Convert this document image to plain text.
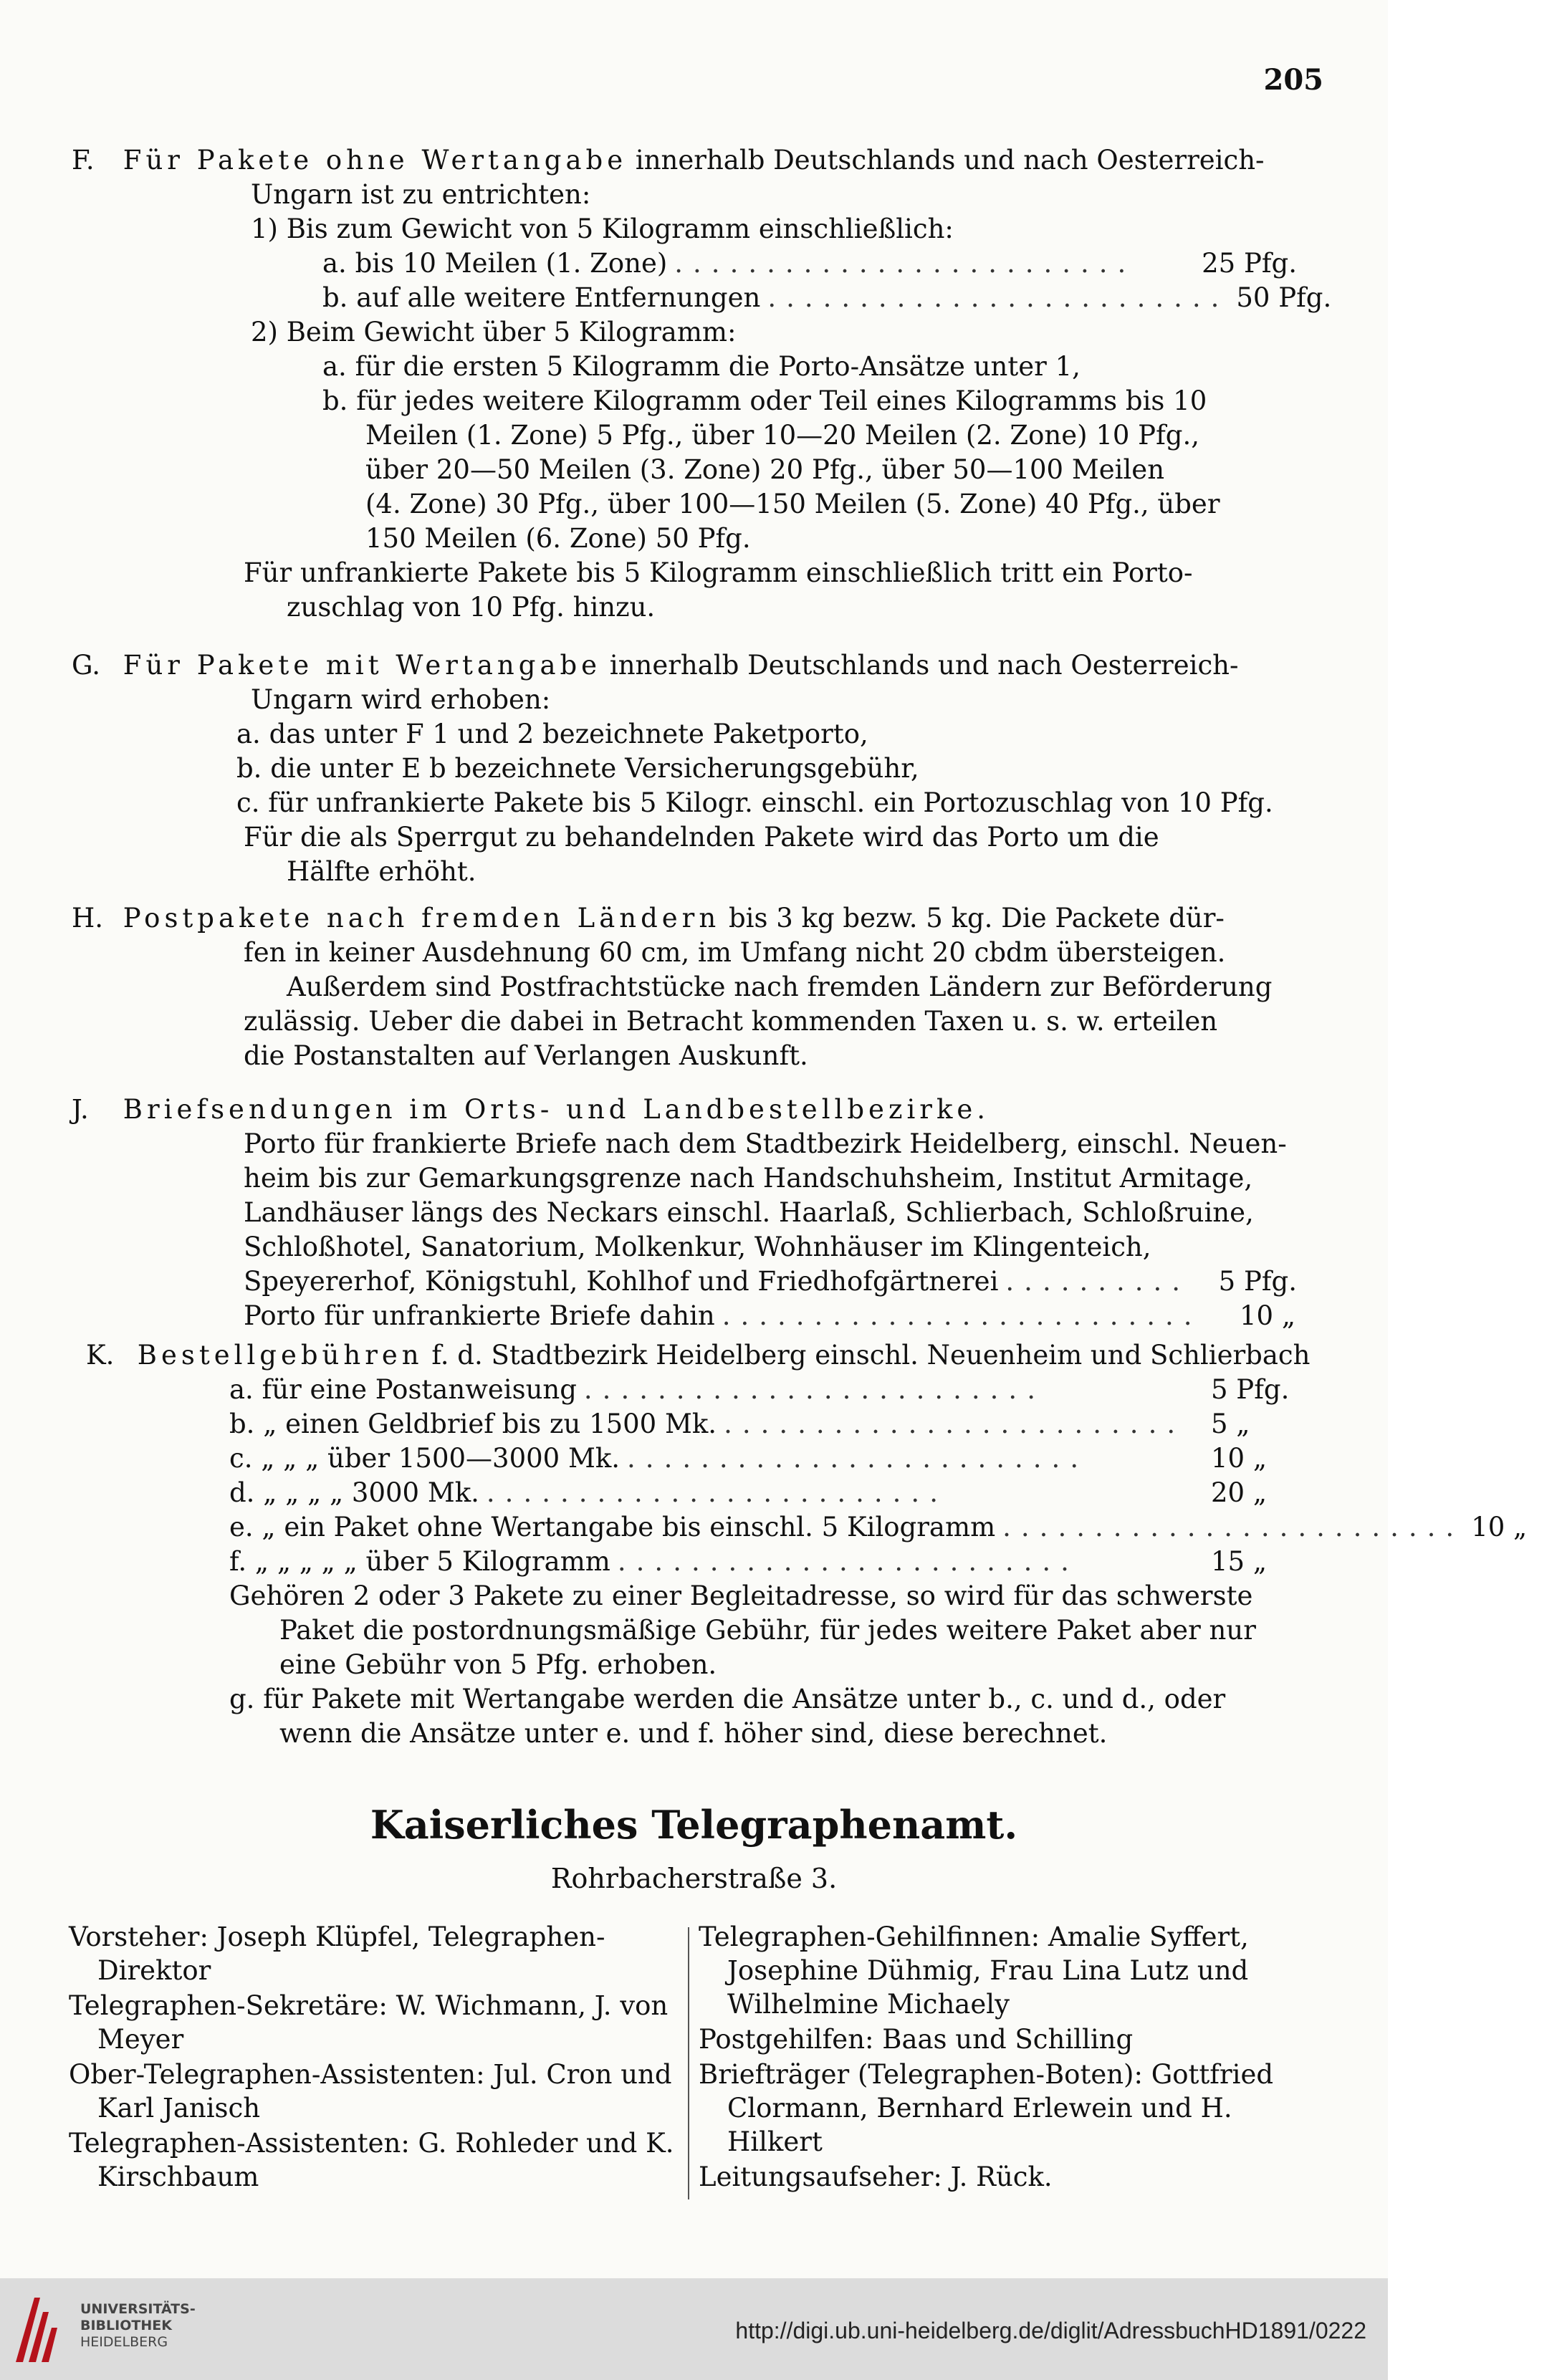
205
F. Für Pakete ohne Wertangabe innerhalb Deutschlands und nach Oesterreich-
Ungarn ist zu entrichten:
1) Bis zum Gewicht von 5 Kilogramm einschließlich:
a. bis 10 Meilen (1. Zone) .........................	25 Pfg.
b. auf alle weitere Entfernungen ......................... 50 Pfg.
2) Beim Gewicht über 5 Kilogramm:
a. für die ersten 5 Kilogramm die Porto-Ansätze unter 1,
b. für jedes weitere Kilogramm oder Teil eines Kilogramms bis 10
Meilen (1. Zone) 5 Pfg., über 10—20 Meilen (2. Zone) 10 Pfg.,
über 20—50 Meilen (3. Zone) 20 Pfg., über 50—100 Meilen
(4. Zone) 30 Pfg., über 100—150 Meilen (5. Zone) 40 Pfg., über
150 Meilen (6. Zone) 50 Pfg.
Für unfrankierte Pakete bis 5 Kilogramm einschließlich tritt ein Porto-
zuschlag von 10 Pfg. hinzu.
G. Für Pakete mit Wertangabe innerhalb Deutschlands und nach Oesterreich-
Ungarn wird erhoben:
a. das unter F 1 und 2 bezeichnete Paketporto,
b. die unter E b bezeichnete Versicherungsgebühr,
c. für unfrankierte Pakete bis 5 Kilogr. einschl. ein Portozuschlag von 10 Pfg.
Für die als Sperrgut zu behandelnden Pakete wird das Porto um die
Hälfte erhöht.
H. Postpakete nach fremden Ländern bis 3 kg bezw. 5 kg. Die Packete dür-
fen in keiner Ausdehnung 60 cm, im Umfang nicht 20 cbdm übersteigen.
Außerdem sind Postfrachtstücke nach fremden Ländern zur Beförderung
zulässig. Ueber die dabei in Betracht kommenden Taxen u. s. w. erteilen
die Postanstalten auf Verlangen Auskunft.
J. Briefsendungen im Orts- und Landbestellbezirke.
Porto für frankierte Briefe nach dem Stadtbezirk Heidelberg, einschl. Neuen-
heim bis zur Gemarkungsgrenze nach Handschuhsheim, Institut Armitage,
Landhäuser längs des Neckars einschl. Haarlaß, Schlierbach, Schloßruine,
Schloßhotel, Sanatorium, Molkenkur, Wohnhäuser im Klingenteich,
Speyererhof, Königstuhl, Kohlhof und Friedhofgärtnerei ..........	5 Pfg.
Porto für unfrankierte Briefe dahin ..........................	10 „
K. Bestellgebühren f. d. Stadtbezirk Heidelberg einschl. Neuenheim und Schlierbach
a. für eine Postanweisung .........................	5 Pfg.
b. „ einen Geldbrief bis zu 1500 Mk. ......................... 5 „
c. „ „ „ über 1500—3000 Mk. .........................	10 „
d. „ „ „ „ 3000 Mk. .........................	20 „
e. „ ein Paket ohne Wertangabe bis einschl. 5 Kilogramm ......................... 10 „
f. „ „ „ „ „ über 5 Kilogramm .........................	15 „
Gehören 2 oder 3 Pakete zu einer Begleitadresse, so wird für das schwerste
Paket die postordnungsmäßige Gebühr, für jedes weitere Paket aber nur
eine Gebühr von 5 Pfg. erhoben.
g. für Pakete mit Wertangabe werden die Ansätze unter b., c. und d., oder
wenn die Ansätze unter e. und f. höher sind, diese berechnet.
Kaiserliches Telegraphenamt.
Rohrbacherstraße 3.
Vorsteher: Joseph Klüpfel, Telegraphen-Direktor
Telegraphen-Sekretäre: W. Wichmann, J. von Meyer
Ober-Telegraphen-Assistenten: Jul. Cron und Karl Janisch
Telegraphen-Assistenten: G. Rohleder und K. Kirschbaum
Telegraphen-Gehilfinnen: Amalie Syffert, Josephine Dühmig, Frau Lina Lutz und Wilhelmine Michaely
Postgehilfen: Baas und Schilling
Briefträger (Telegraphen-Boten): Gottfried Clormann, Bernhard Erlewein und H. Hilkert
Leitungsaufseher: J. Rück.
UNIVERSITÄTS-
BIBLIOTHEK
HEIDELBERG	http://digi.ub.uni-heidelberg.de/diglit/AdressbuchHD1891/0222
